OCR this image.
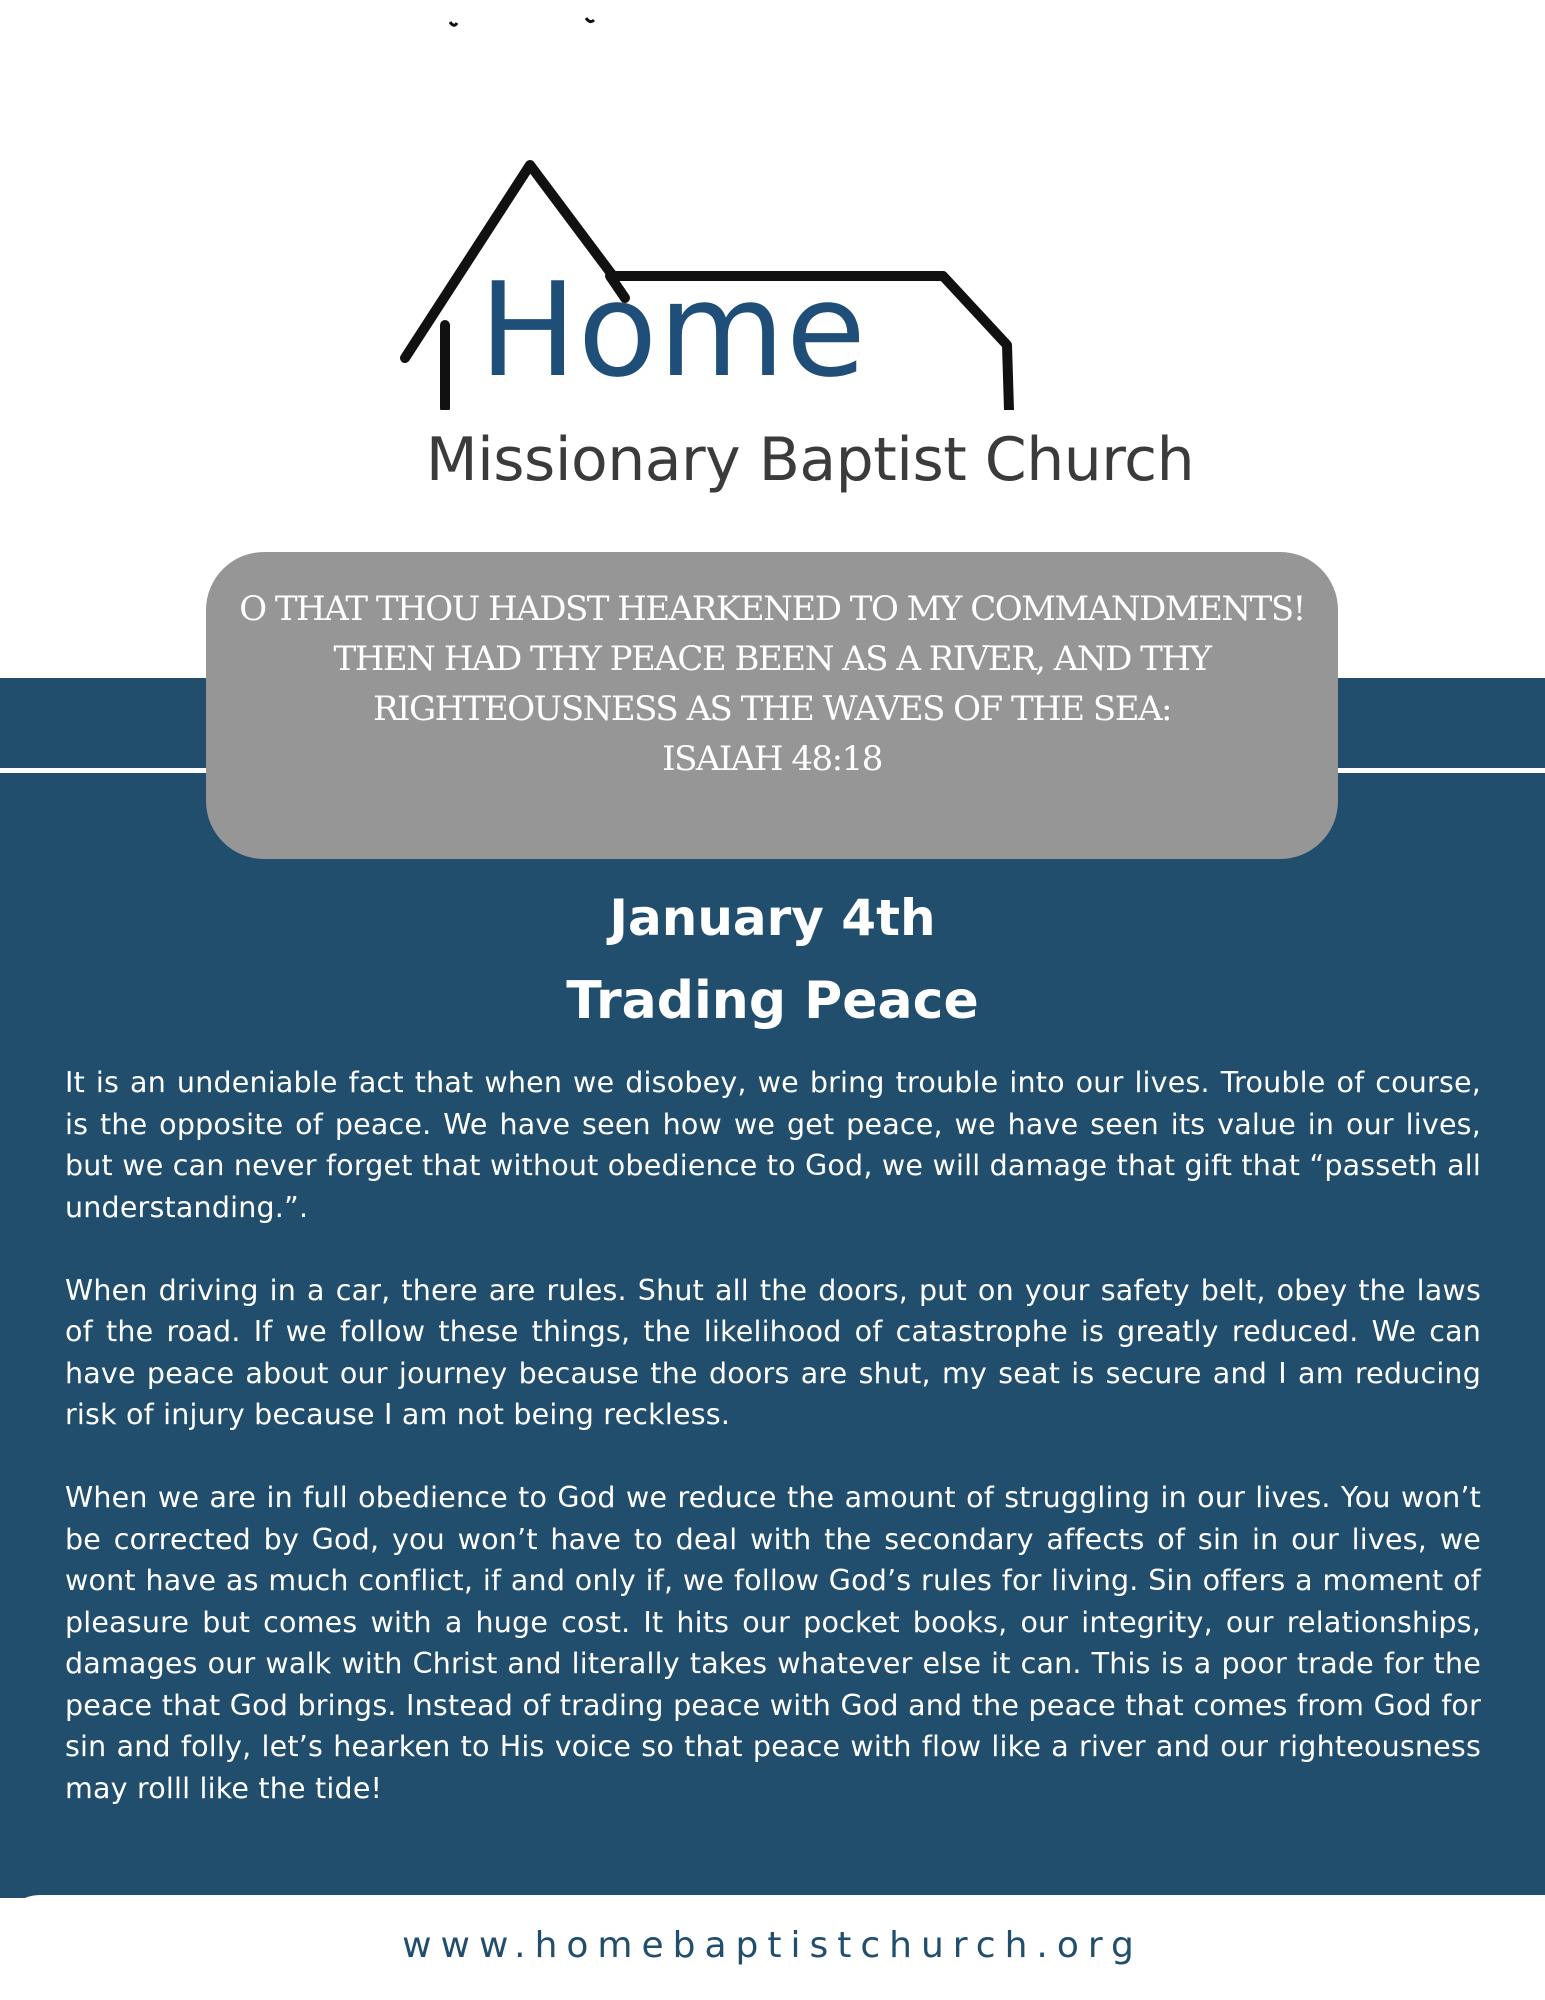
Home
Missionary Baptist Church
O THAT THOU HADST HEARKENED TO MY COMMANDMENTS! THEN HAD THY PEACE BEEN AS A RIVER, AND THY RIGHTEOUSNESS AS THE WAVES OF THE SEA:
ISAIAH 48:18
January 4th
Trading Peace

It is an undeniable fact that when we disobey, we bring trouble into our lives. Trouble of course, is the opposite of peace. We have seen how we get peace, we have seen its value in our lives, but we can never forget that without obedience to God, we will damage that gift that “passeth all understanding.”.

When driving in a car, there are rules. Shut all the doors, put on your safety belt, obey the laws of the road. If we follow these things, the likelihood of catastrophe is greatly reduced. We can have peace about our journey because the doors are shut, my seat is secure and I am reducing risk of injury because I am not being reckless.

When we are in full obedience to God we reduce the amount of struggling in our lives. You won’t be corrected by God, you won’t have to deal with the secondary affects of sin in our lives, we wont have as much conflict, if and only if, we follow God’s rules for living. Sin offers a moment of pleasure but comes with a huge cost. It hits our pocket books, our integrity, our relationships, damages our walk with Christ and literally takes whatever else it can. This is a poor trade for the peace that God brings. Instead of trading peace with God and the peace that comes from God for sin and folly, let’s hearken to His voice so that peace with flow like a river and our righteousness may rolll like the tide!

www.homebaptistchurch.org
